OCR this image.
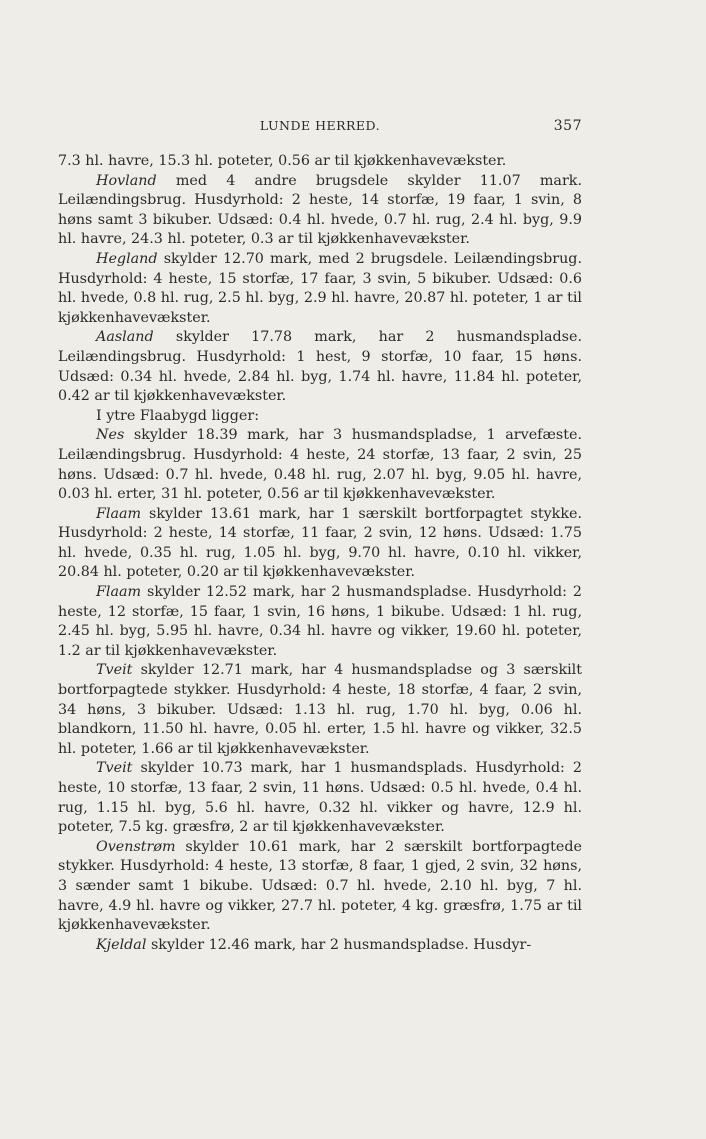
LUNDE HERRED.	357

7.3 hl. havre, 15.3 hl. poteter, 0.56 ar til kjøkkenhavevækster.

Hovland med 4 andre brugsdele skylder 11.07 mark. Leilændingsbrug. Husdyrhold: 2 heste, 14 storfæ, 19 faar, 1 svin, 8 høns samt 3 bikuber. Udsæd: 0.4 hl. hvede, 0.7 hl. rug, 2.4 hl. byg, 9.9 hl. havre, 24.3 hl. poteter, 0.3 ar til kjøkkenhavevækster.

Hegland skylder 12.70 mark, med 2 brugsdele. Leilændingsbrug. Husdyrhold: 4 heste, 15 storfæ, 17 faar, 3 svin, 5 bikuber. Udsæd: 0.6 hl. hvede, 0.8 hl. rug, 2.5 hl. byg, 2.9 hl. havre, 20.87 hl. poteter, 1 ar til kjøkkenhavevækster.

Aasland skylder 17.78 mark, har 2 husmandspladse. Leilændingsbrug. Husdyrhold: 1 hest, 9 storfæ, 10 faar, 15 høns. Udsæd: 0.34 hl. hvede, 2.84 hl. byg, 1.74 hl. havre, 11.84 hl. poteter, 0.42 ar til kjøkkenhavevækster.

I ytre Flaabygd ligger:

Nes skylder 18.39 mark, har 3 husmandspladse, 1 arvefæste. Leilændingsbrug. Husdyrhold: 4 heste, 24 storfæ, 13 faar, 2 svin, 25 høns. Udsæd: 0.7 hl. hvede, 0.48 hl. rug, 2.07 hl. byg, 9.05 hl. havre, 0.03 hl. erter, 31 hl. poteter, 0.56 ar til kjøkkenhavevækster.

Flaam skylder 13.61 mark, har 1 særskilt bortforpagtet stykke. Husdyrhold: 2 heste, 14 storfæ, 11 faar, 2 svin, 12 høns. Udsæd: 1.75 hl. hvede, 0.35 hl. rug, 1.05 hl. byg, 9.70 hl. havre, 0.10 hl. vikker, 20.84 hl. poteter, 0.20 ar til kjøkkenhavevækster.

Flaam skylder 12.52 mark, har 2 husmandspladse. Husdyrhold: 2 heste, 12 storfæ, 15 faar, 1 svin, 16 høns, 1 bikube. Udsæd: 1 hl. rug, 2.45 hl. byg, 5.95 hl. havre, 0.34 hl. havre og vikker, 19.60 hl. poteter, 1.2 ar til kjøkkenhavevækster.

Tveit skylder 12.71 mark, har 4 husmandspladse og 3 særskilt bortforpagtede stykker. Husdyrhold: 4 heste, 18 storfæ, 4 faar, 2 svin, 34 høns, 3 bikuber. Udsæd: 1.13 hl. rug, 1.70 hl. byg, 0.06 hl. blandkorn, 11.50 hl. havre, 0.05 hl. erter, 1.5 hl. havre og vikker, 32.5 hl. poteter, 1.66 ar til kjøkkenhavevækster.

Tveit skylder 10.73 mark, har 1 husmandsplads. Husdyrhold: 2 heste, 10 storfæ, 13 faar, 2 svin, 11 høns. Udsæd: 0.5 hl. hvede, 0.4 hl. rug, 1.15 hl. byg, 5.6 hl. havre, 0.32 hl. vikker og havre, 12.9 hl. poteter, 7.5 kg. græsfrø, 2 ar til kjøkkenhavevækster.

Ovenstrøm skylder 10.61 mark, har 2 særskilt bortforpagtede stykker. Husdyrhold: 4 heste, 13 storfæ, 8 faar, 1 gjed, 2 svin, 32 høns, 3 sænder samt 1 bikube. Udsæd: 0.7 hl. hvede, 2.10 hl. byg, 7 hl. havre, 4.9 hl. havre og vikker, 27.7 hl. poteter, 4 kg. græsfrø, 1.75 ar til kjøkkenhavevækster.

Kjeldal skylder 12.46 mark, har 2 husmandspladse. Husdyr-
